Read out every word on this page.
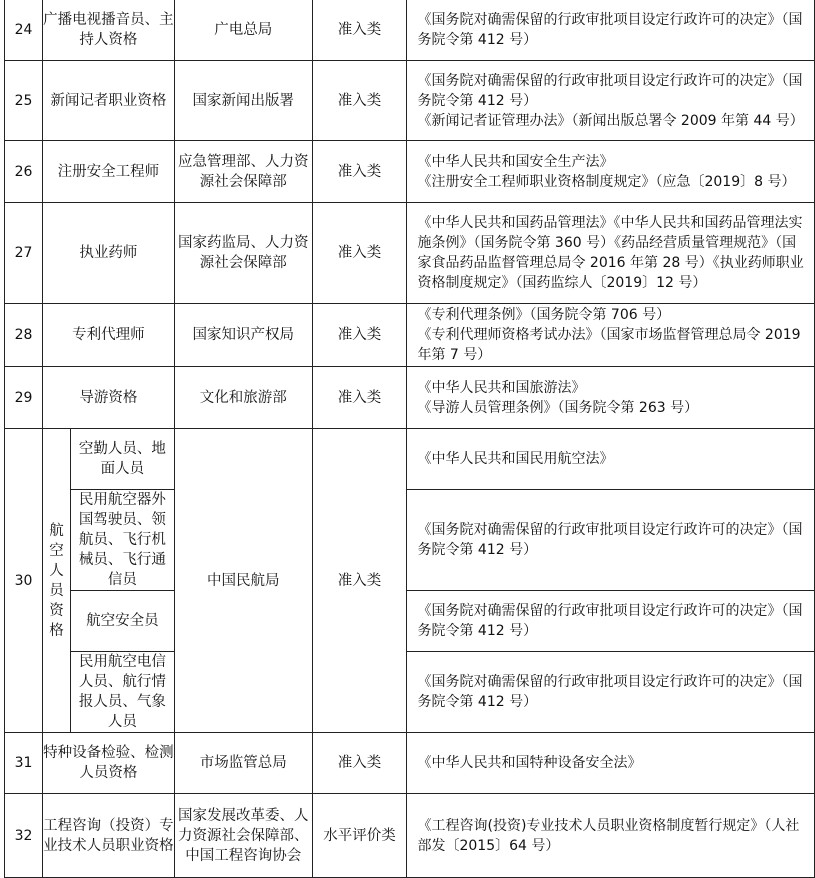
24	广播电视播音员、主持人资格		广电总局	准入类	《国务院对确需保留的行政审批项目设定行政许可的决定》（国务院令第 412 号）

25	新闻记者职业资格		国家新闻出版署	准入类	《国务院对确需保留的行政审批项目设定行政许可的决定》（国务院令第 412 号）
《新闻记者证管理办法》（新闻出版总署令 2009 年第 44 号）

26	注册安全工程师		应急管理部、人力资源社会保障部	准入类	《中华人民共和国安全生产法》
《注册安全工程师职业资格制度规定》（应急〔2019〕8 号）

27	执业药师		国家药监局、人力资源社会保障部	准入类	《中华人民共和国药品管理法》《中华人民共和国药品管理法实施条例》（国务院令第 360 号）《药品经营质量管理规范》（国家食品药品监督管理总局令 2016 年第 28 号）《执业药师职业资格制度规定》（国药监综人〔2019〕12 号）

28	专利代理师		国家知识产权局	准入类	《专利代理条例》（国务院令第 706 号）
《专利代理师资格考试办法》（国家市场监督管理总局令 2019 年第 7 号）

29	导游资格		文化和旅游部	准入类	《中华人民共和国旅游法》
《导游人员管理条例》（国务院令第 263 号）

30	航空人员资格	空勤人员、地面人员	中国民航局	准入类	《中华人民共和国民用航空法》
		民用航空器外国驾驶员、领航员、飞行机械员、飞行通信员			《国务院对确需保留的行政审批项目设定行政许可的决定》（国务院令第 412 号）
		航空安全员			《国务院对确需保留的行政审批项目设定行政许可的决定》（国务院令第 412 号）
		民用航空电信人员、航行情报人员、气象人员			《国务院对确需保留的行政审批项目设定行政许可的决定》（国务院令第 412 号）
31	特种设备检验、检测人员资格		市场监管总局	准入类	《中华人民共和国特种设备安全法》

32	工程咨询（投资）专业技术人员职业资格		国家发展改革委、人力资源社会保障部、中国工程咨询协会	水平评价类	《工程咨询(投资)专业技术人员职业资格制度暂行规定》（人社部发〔2015〕64 号）
